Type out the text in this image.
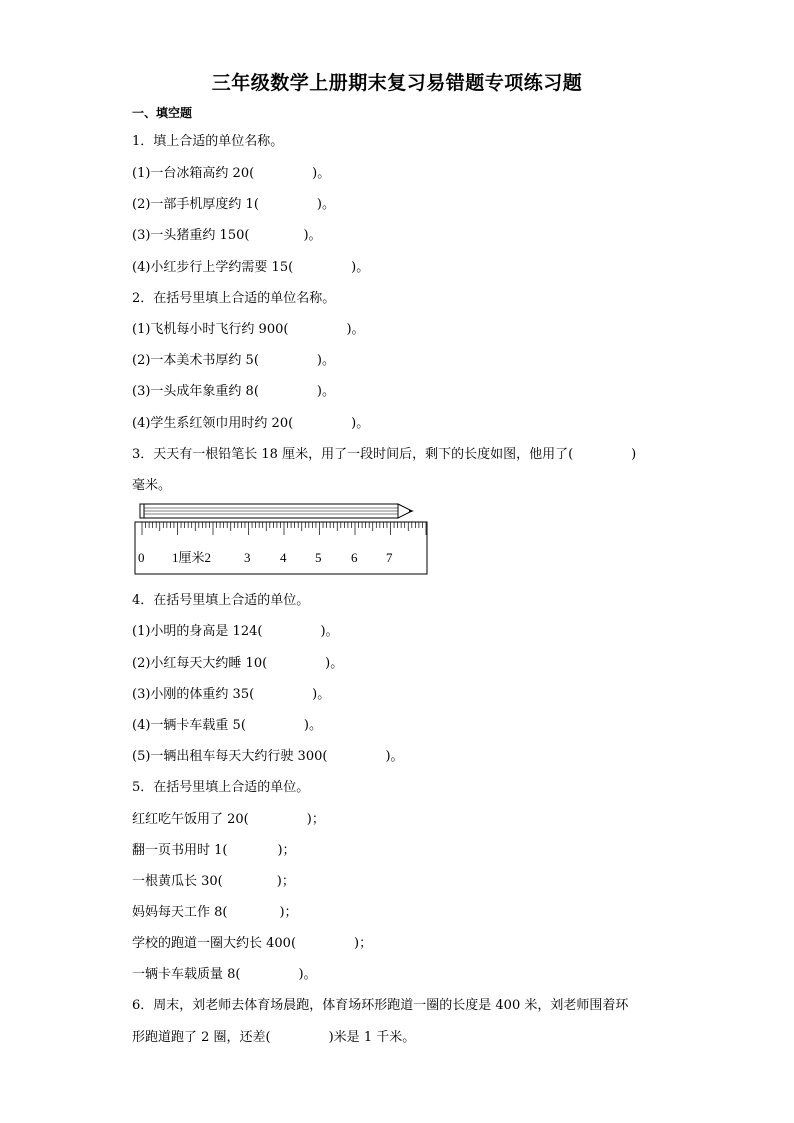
三年级数学上册期末复习易错题专项练习题
一、填空题
1．填上合适的单位名称。
(1)一台冰箱高约 20(	)。
(2)一部手机厚度约 1(	)。
(3)一头猪重约 150(	)。
(4)小红步行上学约需要 15(	)。
2．在括号里填上合适的单位名称。
(1)飞机每小时飞行约 900(	)。
(2)一本美术书厚约 5(	)。
(3)一头成年象重约 8(	)。
(4)学生系红领巾用时约 20(	)。
3．天天有一根铅笔长 18 厘米，用了一段时间后，剩下的长度如图，他用了(	)
毫米。
0 1厘米2	3 4 5 6 7
4．在括号里填上合适的单位。
(1)小明的身高是 124(	)。
(2)小红每天大约睡 10(	)。
(3)小刚的体重约 35(	)。
(4)一辆卡车载重 5(	)。
(5)一辆出租车每天大约行驶 300(	)。
5．在括号里填上合适的单位。
红红吃午饭用了 20(	)；
翻一页书用时 1(	)；
一根黄瓜长 30(	)；
妈妈每天工作 8(	)；
学校的跑道一圈大约长 400(	)；
一辆卡车载质量 8(	)。
6．周末，刘老师去体育场晨跑，体育场环形跑道一圈的长度是 400 米，刘老师围着环
形跑道跑了 2 圈，还差(	)米是 1 千米。
